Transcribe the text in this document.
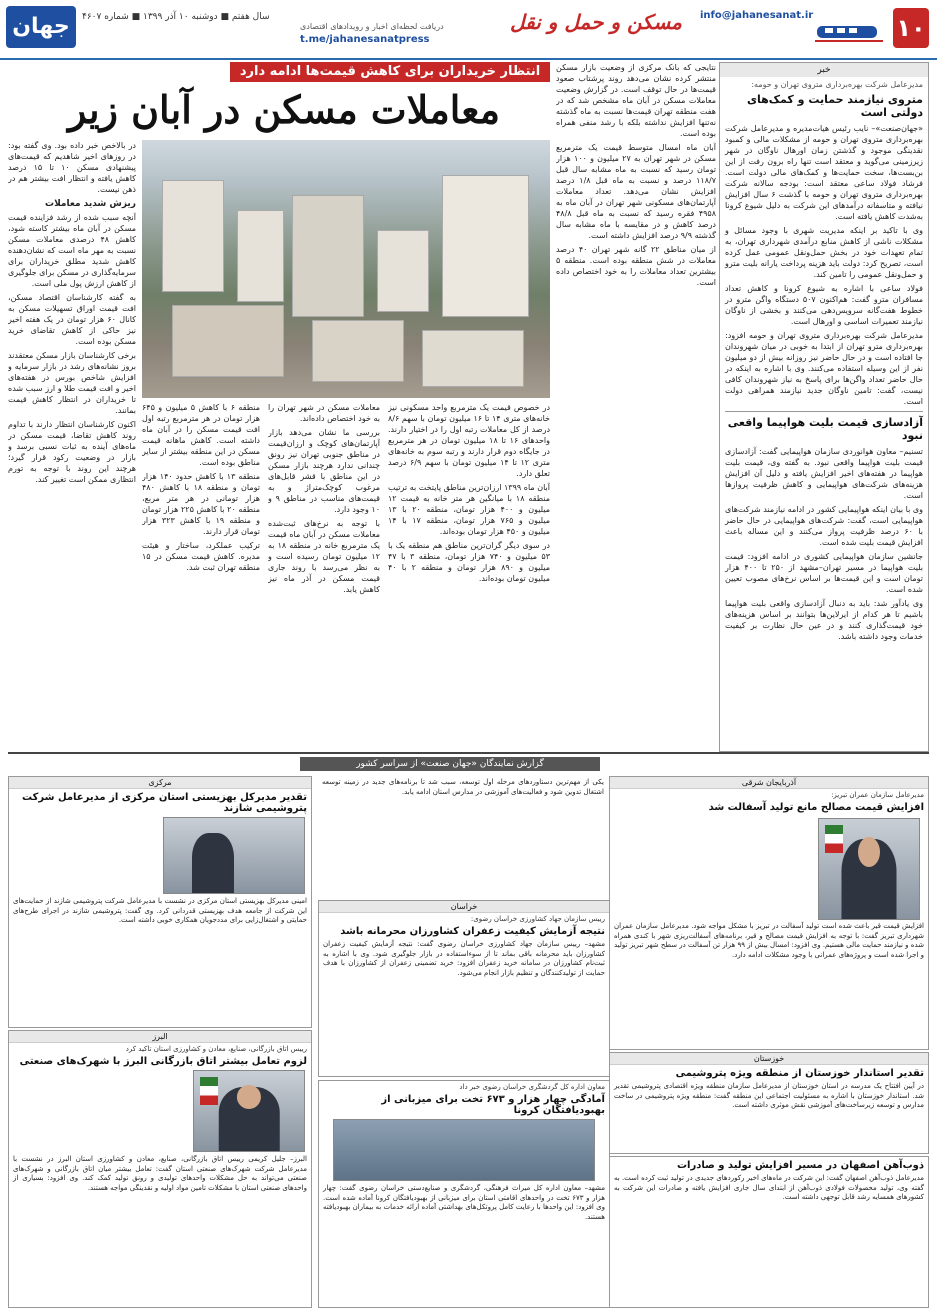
۱۰
info@jahanesanat.ir
مسکن و حمل و نقل
دریافت لحظه‌ای اخبار و رویدادهای اقتصادی
t.me/jahanesanatpress
سال هفتم ■ دوشنبه ۱۰ آذر ۱۳۹۹ ■ شماره ۴۶۰۷
جهان صنعت	خبر
مدیرعامل شرکت بهره‌برداری متروی تهران و حومه:
متروی نیازمند حمایت و کمک‌های دولتی است

«جهان‌صنعت»– نایب رئیس هیات‌مدیره و مدیرعامل شرکت بهره‌برداری متروی تهران و حومه از مشکلات مالی و کمبود نقدینگی موجود و گذشتن زمان اورهال ناوگان در شهر زیرزمینی می‌گوید و معتقد است تنها راه برون رفت از این بن‌بست‌ها، سخت حمایت‌ها و کمک‌های مالی دولت است. فرشاد فولاد ساعی معتقد است: بودجه سالانه شرکت بهره‌برداری متروی تهران و حومه با گذشت ۶ سال افزایش نیافته و متاسفانه درآمدهای این شرکت به دلیل شیوع کرونا به‌شدت کاهش یافته است.

وی با تاکید بر اینکه مدیریت شهری با وجود مسائل و مشکلات ناشی از کاهش منابع درآمدی شهرداری تهران، به تمام تعهدات خود در بخش حمل‌ونقل عمومی عمل کرده است، تصریح کرد: دولت باید هزینه پرداخت یارانه بلیت مترو و حمل‌ونقل عمومی را تامین کند.

فولاد ساعی با اشاره به شیوع کرونا و کاهش تعداد مسافران مترو گفت: هم‌اکنون ۵۰۷ دستگاه واگن مترو در خطوط هفت‌گانه سرویس‌دهی می‌کنند و بخشی از ناوگان نیازمند تعمیرات اساسی و اورهال است.

مدیرعامل شرکت بهره‌برداری متروی تهران و حومه افزود: بهره‌برداری مترو تهران از ابتدا به خوبی در میان شهروندان جا افتاده است و در حال حاضر نیز روزانه بیش از دو میلیون نفر از این وسیله استفاده می‌کنند. وی با اشاره به اینکه در حال حاضر تعداد واگن‌ها برای پاسخ به نیاز شهروندان کافی نیست، گفت: تامین ناوگان جدید نیازمند همراهی دولت است.

آزادسازی قیمت بلیت هواپیما واقعی نبود

تسنیم– معاون هوانوردی سازمان هواپیمایی گفت: آزادسازی قیمت بلیت هواپیما واقعی نبود. به گفته وی، قیمت بلیت هواپیما در هفته‌های اخیر افزایش یافته و دلیل آن افزایش هزینه‌های شرکت‌های هواپیمایی و کاهش ظرفیت پروازها است.

وی با بیان اینکه هواپیمایی کشور در ادامه نیازمند شرکت‌های هواپیمایی است، گفت: شرکت‌های هواپیمایی در حال حاضر با ۶۰ درصد ظرفیت پرواز می‌کنند و این مساله باعث افزایش قیمت بلیت شده است.

جانشین سازمان هواپیمایی کشوری در ادامه افزود: قیمت بلیت هواپیما در مسیر تهران–مشهد از ۲۵۰ تا ۴۰۰ هزار تومان است و این قیمت‌ها بر اساس نرخ‌های مصوب تعیین شده است.

وی یادآور شد: باید به دنبال آزادسازی واقعی بلیت هواپیما باشیم تا هر کدام از ایرلاین‌ها بتوانند بر اساس هزینه‌های خود قیمت‌گذاری کنند و در عین حال نظارت بر کیفیت خدمات وجود داشته باشد.

انتظار خریداران برای کاهش قیمت‌ها ادامه دارد
معاملات مسکن در آبان زیر

نتایجی که بانک مرکزی از وضعیت بازار مسکن منتشر کرده نشان می‌دهد روند پرشتاب صعود قیمت‌ها در حال توقف است. در گزارش وضعیت معاملات مسکن در آبان ماه مشخص شد که در هفت منطقه تهران قیمت‌ها نسبت به ماه گذشته نه‌تنها افزایش نداشته بلکه با رشد منفی همراه بوده است.

آبان ماه امسال متوسط قیمت یک مترمربع مسکن در شهر تهران به ۲۷ میلیون و ۱۰۰ هزار تومان رسید که نسبت به ماه مشابه سال قبل ۱۱۸/۷ درصد و نسبت به ماه قبل ۱/۸ درصد افزایش نشان می‌دهد. تعداد معاملات آپارتمان‌های مسکونی شهر تهران در آبان ماه به ۴۹۵۸ فقره رسید که نسبت به ماه قبل ۴۸/۸ درصد کاهش و در مقایسه با ماه مشابه سال گذشته ۹/۹ درصد افزایش داشته است.

از میان مناطق ۲۲ گانه شهر تهران ۴۰ درصد معاملات در شش منطقه بوده است. منطقه ۵ بیشترین تعداد معاملات را به خود اختصاص داده است.

در خصوص قیمت یک مترمربع واحد مسکونی نیز خانه‌های متری ۱۴ تا ۱۶ میلیون تومان با سهم ۸/۶ درصد از کل معاملات رتبه اول را در اختیار دارند. واحدهای ۱۶ تا ۱۸ میلیون تومان در هر مترمربع در جایگاه دوم قرار دارند و رتبه سوم به خانه‌های متری ۱۲ تا ۱۴ میلیون تومان با سهم ۶/۹ درصد تعلق دارد.

آبان ماه ۱۳۹۹ ارزان‌ترین مناطق پایتخت به ترتیب منطقه ۱۸ با میانگین هر متر خانه به قیمت ۱۲ میلیون و ۴۰۰ هزار تومان، منطقه ۲۰ با ۱۳ میلیون و ۷۶۵ هزار تومان، منطقه ۱۷ با ۱۴ میلیون و ۴۵۰ هزار تومان بوده‌اند.

در سوی دیگر گران‌ترین مناطق هم منطقه یک با ۵۳ میلیون و ۷۴۰ هزار تومان، منطقه ۳ با ۴۷ میلیون و ۸۹۰ هزار تومان و منطقه ۲ با ۴۰ میلیون تومان بوده‌اند.

معاملات مسکن در شهر تهران را به خود اختصاص داده‌اند.

بررسی ما نشان می‌دهد بازار آپارتمان‌های کوچک و ارزان‌قیمت در مناطق جنوبی تهران نیز رونق چندانی ندارد هرچند بازار مسکن در این مناطق با قشر قابل‌های مرغوب کوچک‌متراژ و به قیمت‌های مناسب در مناطق ۹ و ۱۰ وجود دارد.

با توجه به نرخ‌های ثبت‌شده معاملات مسکن در آبان ماه قیمت یک مترمربع خانه در منطقه ۱۸ به ۱۲ میلیون تومان رسیده است و به نظر می‌رسد با روند جاری قیمت مسکن در آذر ماه نیز کاهش یابد.

منطقه ۶ با کاهش ۵ میلیون و ۶۴۵ هزار تومان در هر مترمربع رتبه اول افت قیمت مسکن را در آبان ماه داشته است. کاهش ماهانه قیمت مسکن در این منطقه بیشتر از سایر مناطق بوده است.

منطقه ۱۳ با کاهش حدود ۱۴۰ هزار تومان و منطقه ۱۸ با کاهش ۴۸۰ هزار تومانی در هر متر مربع، منطقه ۲۰ با کاهش ۲۲۵ هزار تومان و منطقه ۱۹ با کاهش ۳۲۳ هزار تومان قرار دارند.

ترکیب عملکرد، ساختار و هیئت مدیره. کاهش قیمت مسکن در ۱۵ منطقه تهران ثبت شد.

در بالاخص خبر داده بود. وی گفته بود: در روزهای اخیر شاهدیم که قیمت‌های پیشنهادی مسکن ۱۰ تا ۱۵ درصد کاهش یافته و انتظار افت بیشتر هم در ذهن نیست.

ریزش شدید معاملات

آنچه سبب شده از رشد فزاینده قیمت مسکن در آبان ماه بیشتر کاسته شود، کاهش ۴۸ درصدی معاملات مسکن نسبت به مهر ماه است که نشان‌دهنده کاهش شدید مطلق خریداران برای سرمایه‌گذاری در مسکن برای جلوگیری از کاهش ارزش پول ملی است.

به گفته کارشناسان اقتصاد مسکن، افت قیمت اوراق تسهیلات مسکن به کانال ۶۰ هزار تومان در یک هفته اخیر نیز حاکی از کاهش تقاضای خرید مسکن بوده است.

برخی کارشناسان بازار مسکن معتقدند بروز نشانه‌های رشد در بازار سرمایه و افزایش شاخص بورس در هفته‌های اخیر و افت قیمت طلا و ارز سبب شده تا خریداران در انتظار کاهش قیمت بمانند.

اکنون کارشناسان انتظار دارند با تداوم روند کاهش تقاضا، قیمت مسکن در ماه‌های آینده به ثبات نسبی برسد و بازار در وضعیت رکود قرار گیرد؛ هرچند این روند با توجه به تورم انتظاری ممکن است تغییر کند.

گزارش نمایندگان «جهان صنعت» از سراسر کشور
آذربایجان شرقی
مدیرعامل سازمان عمران تبریز:
افزایش قیمت مصالح مانع تولید آسفالت شد

افزایش قیمت قیر باعث شده است تولید آسفالت در تبریز با مشکل مواجه شود. مدیرعامل سازمان عمران شهرداری تبریز گفت: با توجه به افزایش قیمت مصالح و قیر، برنامه‌های آسفالت‌ریزی شهر با کندی همراه شده و نیازمند حمایت مالی هستیم. وی افزود: امسال بیش از ۹۹ هزار تن آسفالت در سطح شهر تبریز تولید و اجرا شده است و پروژه‌های عمرانی با وجود مشکلات ادامه دارد.

خوزستان
تقدیر استاندار خوزستان از منطقه ویژه پتروشیمی

در آیین افتتاح یک مدرسه در استان خوزستان از مدیرعامل سازمان منطقه ویژه اقتصادی پتروشیمی تقدیر شد. استاندار خوزستان با اشاره به مسئولیت اجتماعی این منطقه گفت: منطقه ویژه پتروشیمی در ساخت مدارس و توسعه زیرساخت‌های آموزشی نقش موثری داشته است.

ذوب‌آهن اصفهان در مسیر افزایش تولید و صادرات

مدیرعامل ذوب‌آهن اصفهان گفت: این شرکت در ماه‌های اخیر رکوردهای جدیدی در تولید ثبت کرده است. به گفته وی، تولید محصولات فولادی ذوب‌آهن از ابتدای سال جاری افزایش یافته و صادرات این شرکت به کشورهای همسایه رشد قابل توجهی داشته است.

یکی از مهم‌ترین دستاوردهای مرحله اول توسعه، سبب شد تا برنامه‌های جدید در زمینه توسعه اشتغال تدوین شود و فعالیت‌های آموزشی در مدارس استان ادامه یابد.

خراسان
رییس سازمان جهاد کشاورزی خراسان رضوی:
نتیجه آزمایش کیفیت زعفران کشاورزان محرمانه باشد

مشهد– رییس سازمان جهاد کشاورزی خراسان رضوی گفت: نتیجه آزمایش کیفیت زعفران کشاورزان باید محرمانه باقی بماند تا از سوءاستفاده در بازار جلوگیری شود. وی با اشاره به ثبت‌نام کشاورزان در سامانه خرید زعفران افزود: خرید تضمینی زعفران از کشاورزان با هدف حمایت از تولیدکنندگان و تنظیم بازار انجام می‌شود.

معاون اداره کل گردشگری خراسان رضوی خبر داد
آمادگی چهار هزار و ۶۷۳ تخت برای میزبانی از بهبودیافتگان کرونا

مشهد– معاون اداره کل میراث فرهنگی، گردشگری و صنایع‌دستی خراسان رضوی گفت: چهار هزار و ۶۷۳ تخت در واحدهای اقامتی استان برای میزبانی از بهبودیافتگان کرونا آماده شده است. وی افزود: این واحدها با رعایت کامل پروتکل‌های بهداشتی آماده ارائه خدمات به بیماران بهبودیافته هستند.

مرکزی
تقدیر مدیرکل بهزیستی استان مرکزی از مدیرعامل شرکت پتروشیمی شازند

امینی مدیرکل بهزیستی استان مرکزی در نشست با مدیرعامل شرکت پتروشیمی شازند از حمایت‌های این شرکت از جامعه هدف بهزیستی قدردانی کرد. وی گفت: پتروشیمی شازند در اجرای طرح‌های حمایتی و اشتغال‌زایی برای مددجویان همکاری خوبی داشته است.

البرز
رییس اتاق بازرگانی، صنایع، معادن و کشاورزی استان تاکید کرد
لزوم تعامل بیشتر اتاق بازرگانی البرز با شهرک‌های صنعتی

البرز– جلیل کریمی رییس اتاق بازرگانی، صنایع، معادن و کشاورزی استان البرز در نشست با مدیرعامل شرکت شهرک‌های صنعتی استان گفت: تعامل بیشتر میان اتاق بازرگانی و شهرک‌های صنعتی می‌تواند به حل مشکلات واحدهای تولیدی و رونق تولید کمک کند. وی افزود: بسیاری از واحدهای صنعتی استان با مشکلات تامین مواد اولیه و نقدینگی مواجه هستند.
